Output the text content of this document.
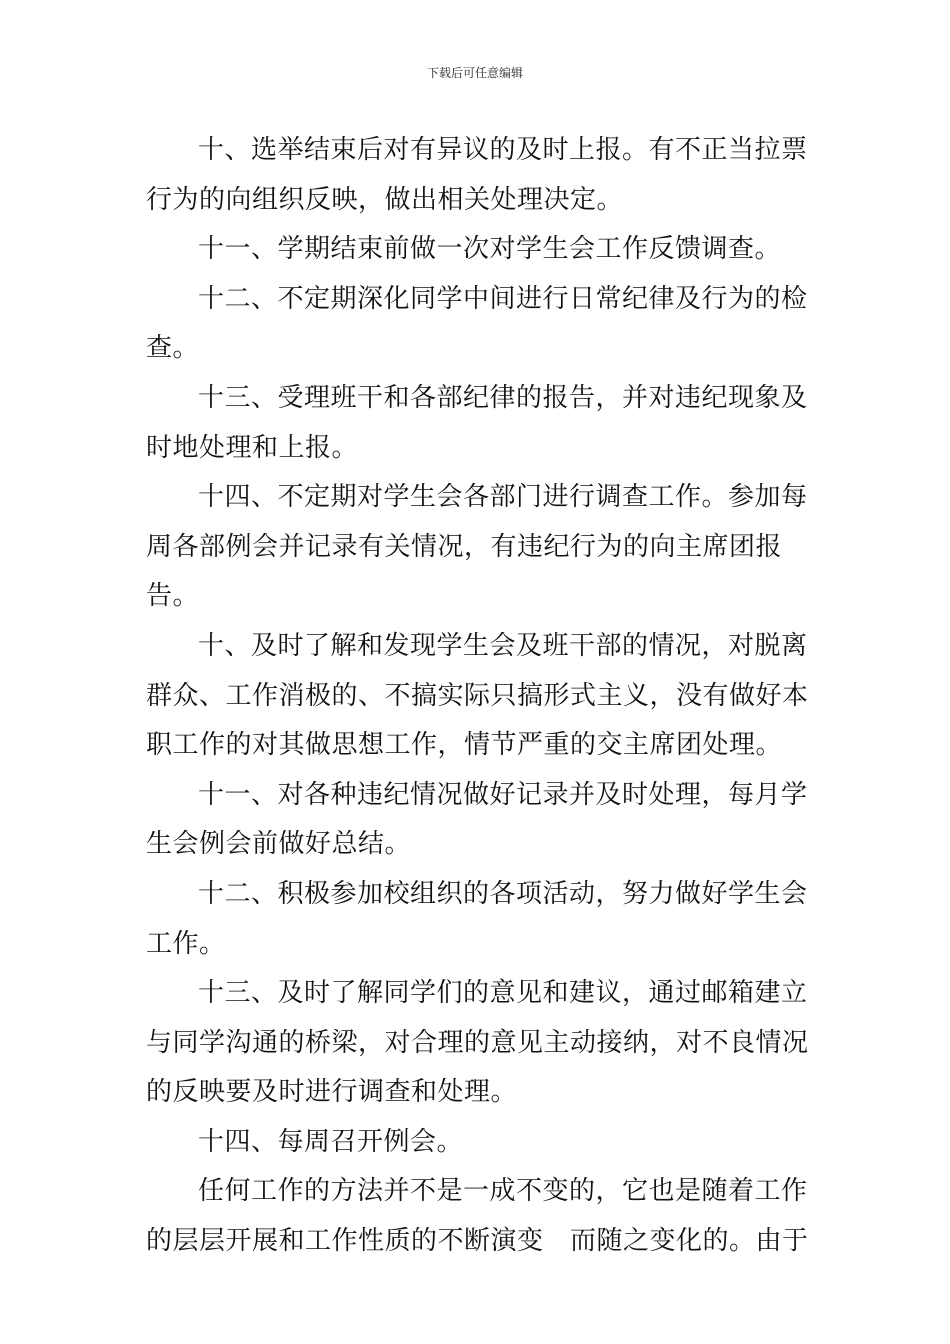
下载后可任意编辑

十、选举结束后对有异议的及时上报。有不正当拉票行为的向组织反映，做出相关处理决定。

十一、学期结束前做一次对学生会工作反馈调查。

十二、不定期深化同学中间进行日常纪律及行为的检查。

十三、受理班干和各部纪律的报告，并对违纪现象及时地处理和上报。

十四、不定期对学生会各部门进行调查工作。参加每周各部例会并记录有关情况，有违纪行为的向主席团报告。

十、及时了解和发现学生会及班干部的情况，对脱离群众、工作消极的、不搞实际只搞形式主义，没有做好本职工作的对其做思想工作，情节严重的交主席团处理。

十一、对各种违纪情况做好记录并及时处理，每月学生会例会前做好总结。

十二、积极参加校组织的各项活动，努力做好学生会工作。

十三、及时了解同学们的意见和建议，通过邮箱建立与同学沟通的桥梁，对合理的意见主动接纳，对不良情况的反映要及时进行调查和处理。

十四、每周召开例会。

任何工作的方法并不是一成不变的，它也是随着工作的层层开展和工作性质的不断演变　而随之变化的。由于
